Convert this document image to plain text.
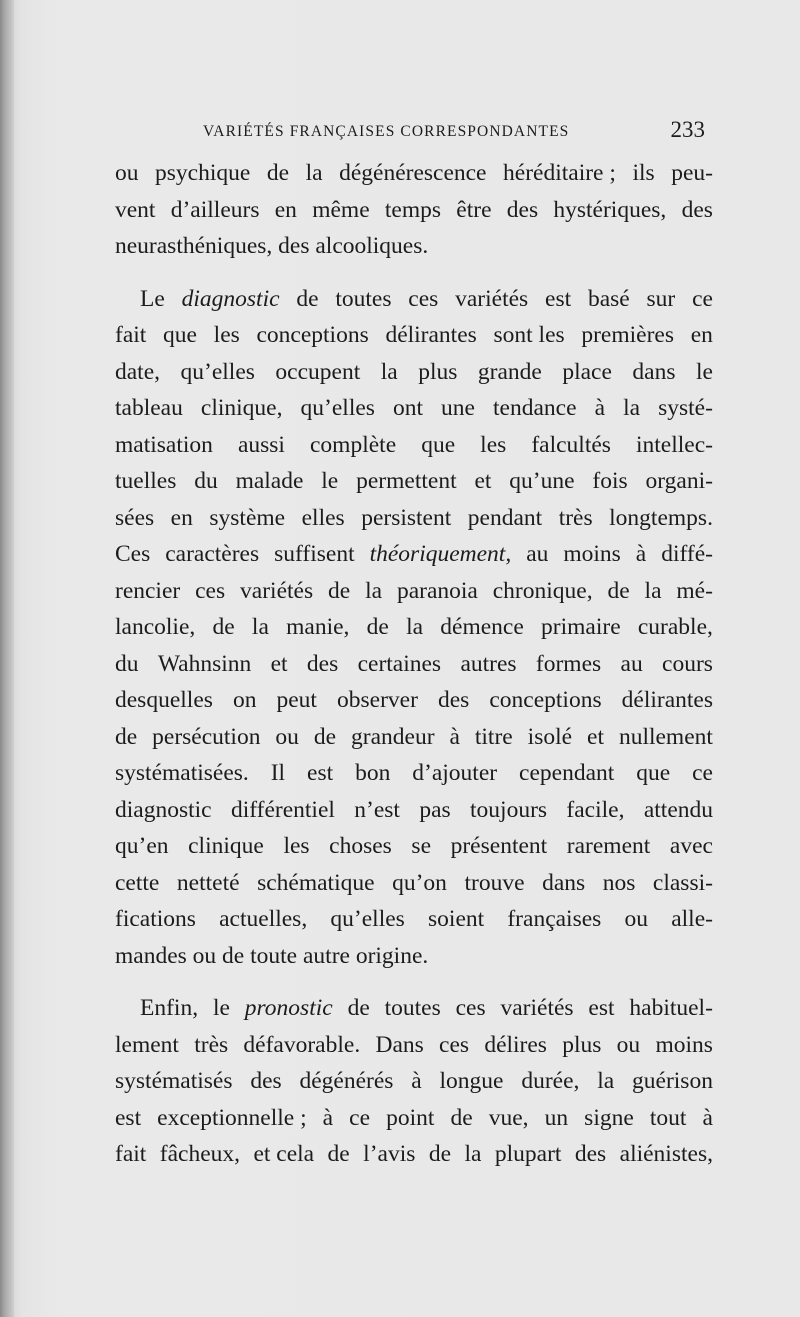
VARIÉTÉS FRANÇAISES CORRESPONDANTES	233
ou psychique de la dégénérescence héréditaire ; ils peu-
vent d’ailleurs en même temps être des hystériques, des
neurasthéniques,
des
alcooliques.
Le diagnostic de toutes ces variétés est basé sur ce
fait que les conceptions délirantes sont les premières en
date, qu’elles occupent la plus grande place dans le
tableau clinique, qu’elles ont une tendance à la systé-
matisation aussi complète que les falcultés intellec-
tuelles du malade le permettent et qu’une fois organi-
sées en système elles persistent pendant très longtemps.
Ces caractères suffisent théoriquement, au moins à diffé-
rencier ces variétés de la paranoia chronique, de la mé-
lancolie, de la manie, de la démence primaire curable,
du Wahnsinn et des certaines autres formes au cours
desquelles on peut observer des conceptions délirantes
de persécution ou de grandeur à titre isolé et nullement
systématisées. Il est bon d’ajouter cependant que ce
diagnostic différentiel n’est pas toujours facile, attendu
qu’en clinique les choses se présentent rarement avec
cette netteté schématique qu’on trouve dans nos classi-
fications actuelles, qu’elles soient françaises ou alle-
mandes
ou
de
toute
autre
origine.
Enfin, le pronostic de toutes ces variétés est habituel-
lement très défavorable. Dans ces délires plus ou moins
systématisés des dégénérés à longue durée, la guérison
est exceptionnelle ; à ce point de vue, un signe tout à
fait fâcheux, et cela de l’avis de la plupart des aliénistes,
